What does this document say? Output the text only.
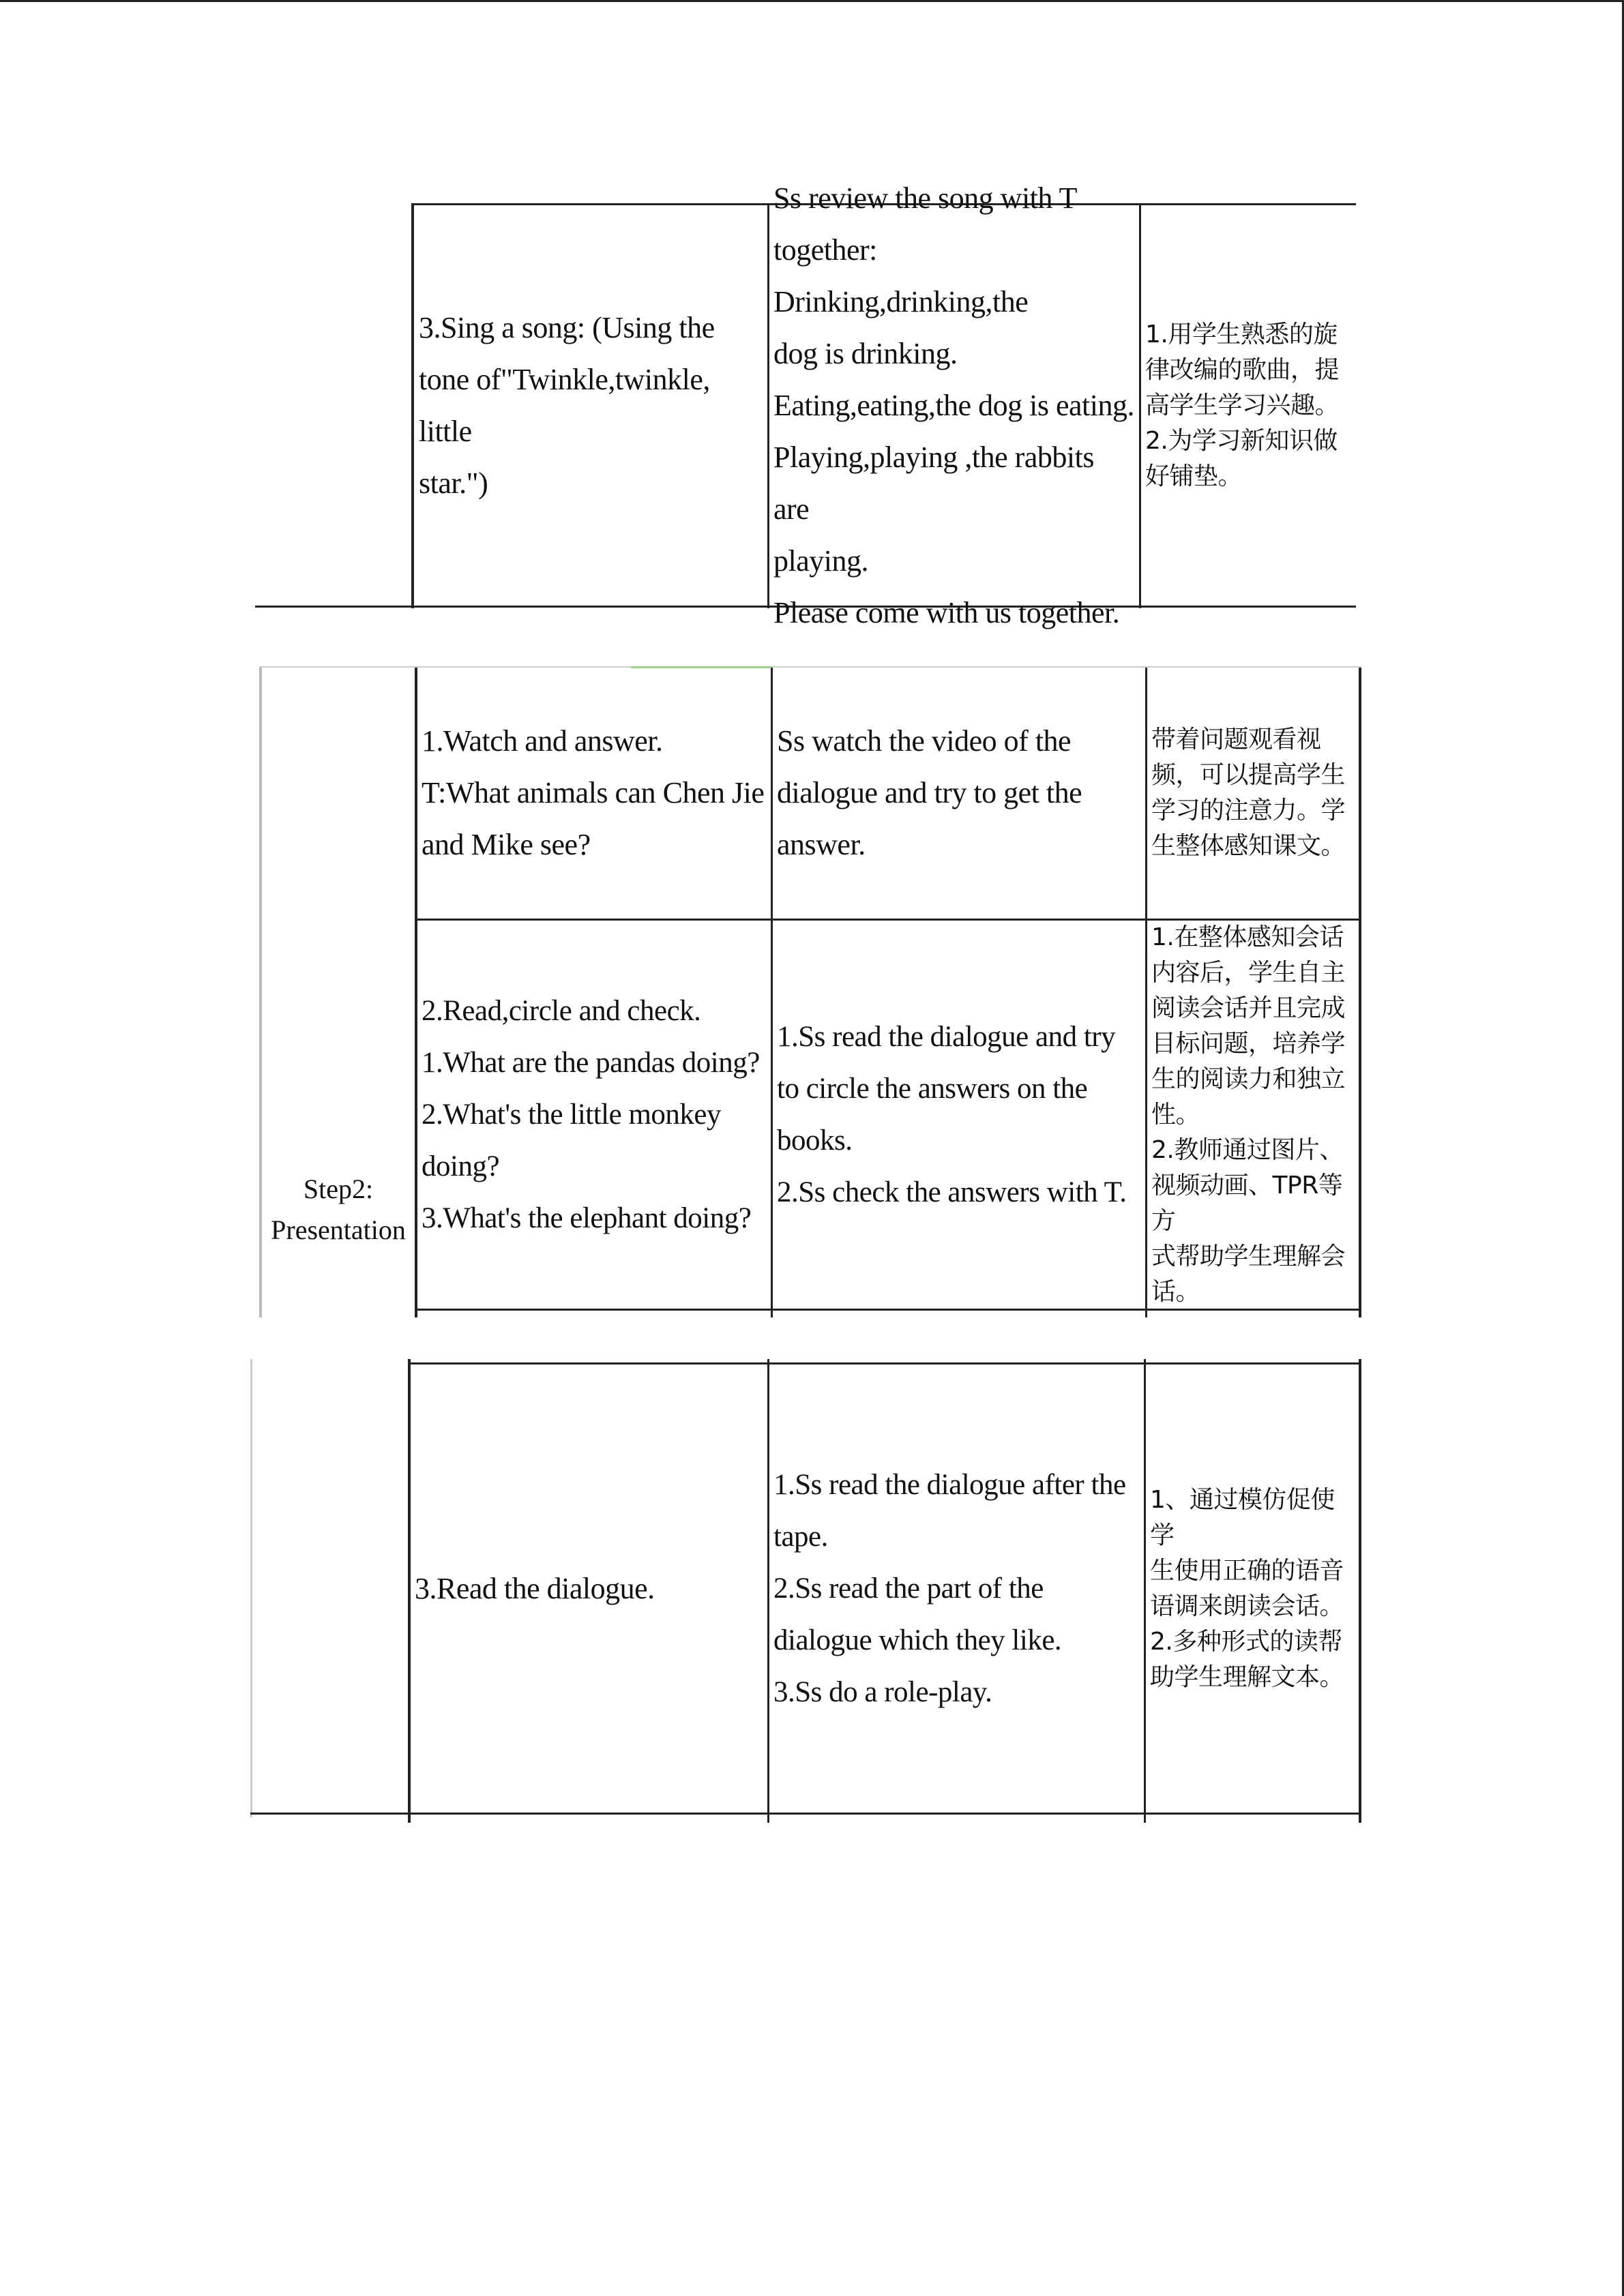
3.Sing a song: (Using the
tone of"Twinkle,twinkle, little
star.")
Ss review the song with T
together: Drinking,drinking,the
dog is drinking.
Eating,eating,the dog is eating.
Playing,playing ,the rabbits are
playing.
Please come with us together.
1.用学生熟悉的旋
律改编的歌曲，提
高学生学习兴趣。
2.为学习新知识做
好铺垫。
Step2: Presentation
1.Watch and answer.
T:What animals can Chen Jie
and Mike see?
Ss watch the video of the
dialogue and try to get the
answer.
带着问题观看视
频，可以提高学生
学习的注意力。学
生整体感知课文。
2.Read,circle and check.
1.What are the pandas doing?
2.What's the little monkey
doing?
3.What's the elephant doing?
1.Ss read the dialogue and try
to circle the answers on the
books.
2.Ss check the answers with T.
1.在整体感知会话
内容后，学生自主
阅读会话并且完成
目标问题，培养学
生的阅读力和独立
性。
2.教师通过图片、
视频动画、TPR等方
式帮助学生理解会
话。
3.Read the dialogue.
1.Ss read the dialogue after the
tape.
2.Ss read the part of the
dialogue which they like.
3.Ss do a role-play.
1、通过模仿促使学
生使用正确的语音
语调来朗读会话。
2.多种形式的读帮
助学生理解文本。
